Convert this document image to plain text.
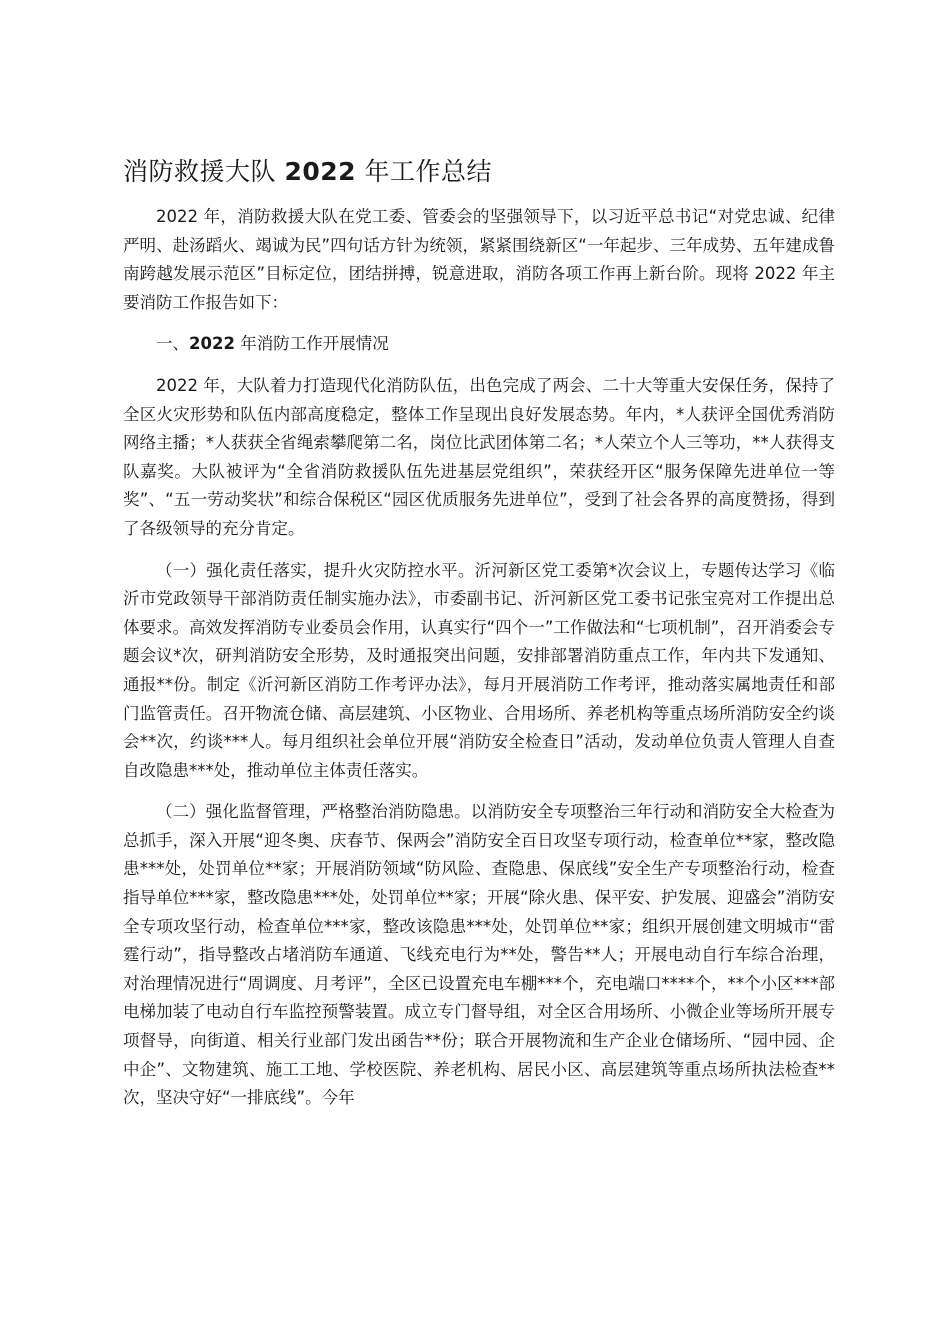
消防救援大队 2022 年工作总结

2022 年，消防救援大队在党工委、管委会的坚强领导下，以习近平总书记“对党忠诚、纪律严明、赴汤蹈火、竭诚为民”四句话方针为统领，紧紧围绕新区“一年起步、三年成势、五年建成鲁南跨越发展示范区”目标定位，团结拼搏，锐意进取，消防各项工作再上新台阶。现将 2022 年主要消防工作报告如下：

一、2022 年消防工作开展情况

2022 年，大队着力打造现代化消防队伍，出色完成了两会、二十大等重大安保任务，保持了全区火灾形势和队伍内部高度稳定，整体工作呈现出良好发展态势。年内，*人获评全国优秀消防网络主播；*人获获全省绳索攀爬第二名，岗位比武团体第二名；*人荣立个人三等功，**人获得支队嘉奖。大队被评为“全省消防救援队伍先进基层党组织”，荣获经开区“服务保障先进单位一等奖”、“五一劳动奖状”和综合保税区“园区优质服务先进单位”，受到了社会各界的高度赞扬，得到了各级领导的充分肯定。

（一）强化责任落实，提升火灾防控水平。沂河新区党工委第*次会议上，专题传达学习《临沂市党政领导干部消防责任制实施办法》，市委副书记、沂河新区党工委书记张宝亮对工作提出总体要求。高效发挥消防专业委员会作用，认真实行“四个一”工作做法和“七项机制”，召开消委会专题会议*次，研判消防安全形势，及时通报突出问题，安排部署消防重点工作，年内共下发通知、通报**份。制定《沂河新区消防工作考评办法》，每月开展消防工作考评，推动落实属地责任和部门监管责任。召开物流仓储、高层建筑、小区物业、合用场所、养老机构等重点场所消防安全约谈会**次，约谈***人。每月组织社会单位开展“消防安全检查日”活动，发动单位负责人管理人自查自改隐患***处，推动单位主体责任落实。

（二）强化监督管理，严格整治消防隐患。以消防安全专项整治三年行动和消防安全大检查为总抓手，深入开展“迎冬奥、庆春节、保两会”消防安全百日攻坚专项行动，检查单位**家，整改隐患***处，处罚单位**家；开展消防领域“防风险、查隐患、保底线”安全生产专项整治行动，检查指导单位***家，整改隐患***处，处罚单位**家；开展“除火患、保平安、护发展、迎盛会”消防安全专项攻坚行动，检查单位***家，整改该隐患***处，处罚单位**家；组织开展创建文明城市“雷霆行动”，指导整改占堵消防车通道、飞线充电行为**处，警告**人；开展电动自行车综合治理，对治理情况进行“周调度、月考评”，全区已设置充电车棚***个，充电端口****个，**个小区***部电梯加装了电动自行车监控预警装置。成立专门督导组，对全区合用场所、小微企业等场所开展专项督导，向街道、相关行业部门发出函告**份；联合开展物流和生产企业仓储场所、“园中园、企中企”、文物建筑、施工工地、学校医院、养老机构、居民小区、高层建筑等重点场所执法检查**次，坚决守好“一排底线”。今年
